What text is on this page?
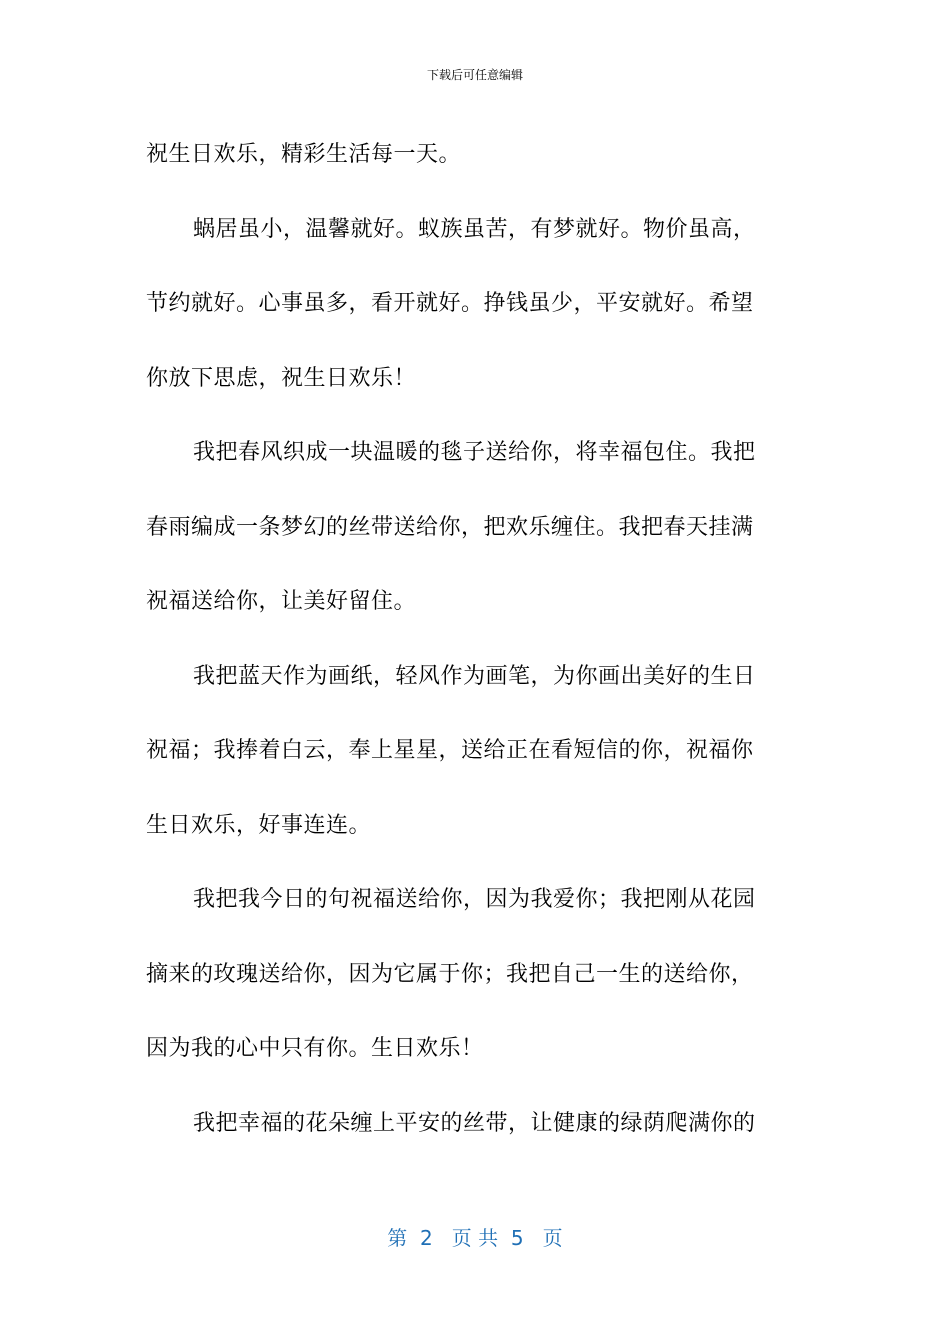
下载后可任意编辑
祝生日欢乐，精彩生活每一天。
蜗居虽小，温馨就好。蚁族虽苦，有梦就好。物价虽高，
节约就好。心事虽多，看开就好。挣钱虽少，平安就好。希望
你放下思虑，祝生日欢乐！
我把春风织成一块温暖的毯子送给你，将幸福包住。我把
春雨编成一条梦幻的丝带送给你，把欢乐缠住。我把春天挂满
祝福送给你，让美好留住。
我把蓝天作为画纸，轻风作为画笔，为你画出美好的生日
祝福；我捧着白云，奉上星星，送给正在看短信的你，祝福你
生日欢乐，好事连连。
我把我今日的句祝福送给你，因为我爱你；我把刚从花园
摘来的玫瑰送给你，因为它属于你；我把自己一生的送给你，
因为我的心中只有你。生日欢乐！
我把幸福的花朵缠上平安的丝带，让健康的绿荫爬满你的
第  2   页 共  5   页
